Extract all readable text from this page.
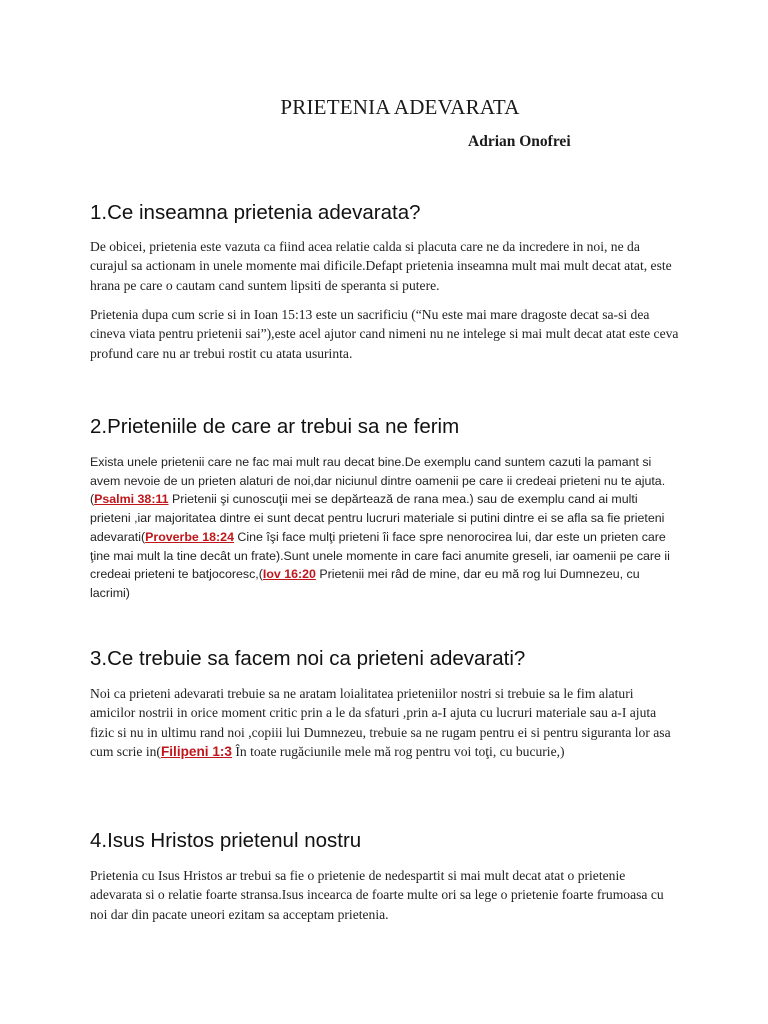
PRIETENIA ADEVARATA
Adrian Onofrei
1.Ce inseamna prietenia adevarata?
De obicei, prietenia este vazuta ca fiind acea relatie calda si placuta care ne da incredere in noi, ne da curajul sa actionam in unele momente mai dificile.Defapt prietenia inseamna mult mai mult decat atat, este hrana pe care o cautam cand suntem lipsiti de speranta si putere.
Prietenia dupa cum scrie si in Ioan 15:13 este un sacrificiu (“Nu este mai mare dragoste decat sa-si dea cineva viata pentru prietenii sai”),este acel ajutor cand nimeni nu ne intelege si mai mult decat atat este ceva profund care nu ar trebui rostit cu atata usurinta.
2.Prieteniile de care ar trebui sa ne ferim
Exista unele prietenii care ne fac mai mult rau decat bine.De exemplu cand suntem cazuti la pamant si avem nevoie de un prieten alaturi de noi,dar niciunul dintre oamenii pe care ii credeai prieteni nu te ajuta.(Psalmi 38:11 Prietenii şi cunoscuţii mei se depărtează de rana mea.) sau de exemplu cand ai multi prieteni ,iar majoritatea dintre ei sunt decat pentru lucruri materiale si putini dintre ei se afla sa fie prieteni adevarati(Proverbe 18:24 Cine îşi face mulţi prieteni îi face spre nenorocirea lui, dar este un prieten care ţine mai mult la tine decât un frate).Sunt unele momente in care faci anumite greseli, iar oamenii pe care ii credeai prieteni te batjocoresc,(Iov 16:20 Prietenii mei râd de mine, dar eu mă rog lui Dumnezeu, cu lacrimi)
3.Ce trebuie sa facem noi ca prieteni adevarati?
Noi ca prieteni adevarati trebuie sa ne aratam loialitatea prieteniilor nostri si trebuie sa le fim alaturi amicilor nostrii in orice moment critic prin a le da sfaturi ,prin a-I ajuta cu lucruri materiale sau a-I ajuta fizic si nu in ultimu rand noi ,copiii lui Dumnezeu, trebuie sa ne rugam pentru ei si pentru siguranta lor asa cum scrie in(Filipeni 1:3 În toate rugăciunile mele mă rog pentru voi toţi, cu bucurie,)
4.Isus Hristos prietenul nostru
Prietenia cu Isus Hristos ar trebui sa fie o prietenie de nedespartit si mai mult decat atat o prietenie adevarata si o relatie foarte stransa.Isus incearca de foarte multe ori sa lege o prietenie foarte frumoasa cu noi dar din pacate uneori ezitam sa acceptam prietenia.
